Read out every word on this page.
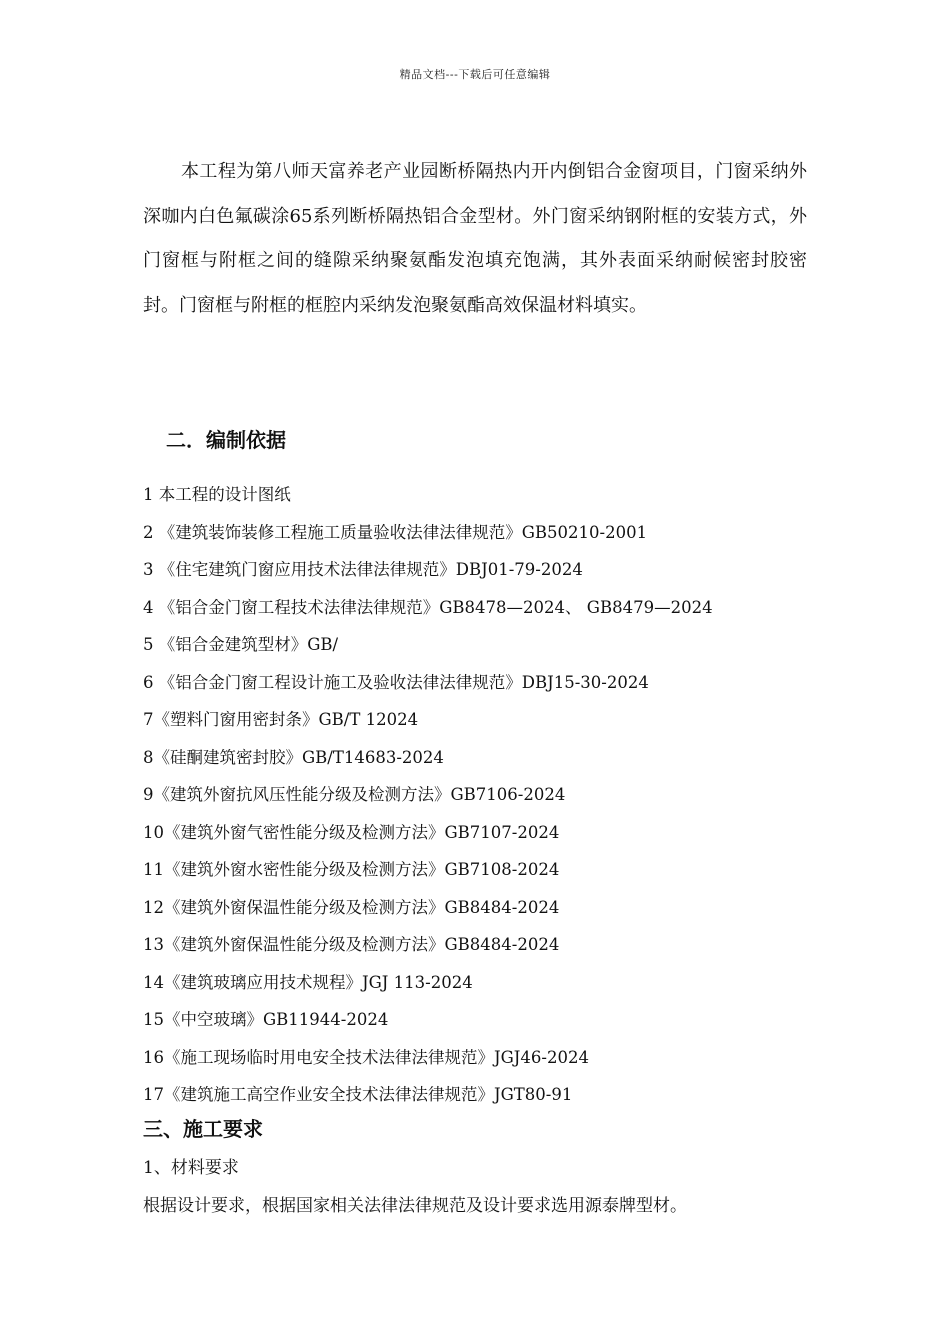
精品文档---下载后可任意编辑

本工程为第八师天富养老产业园断桥隔热内开内倒铝合金窗项目，门窗采纳外深咖内白色氟碳涂65系列断桥隔热铝合金型材。外门窗采纳钢附框的安装方式，外门窗框与附框之间的缝隙采纳聚氨酯发泡填充饱满，其外表面采纳耐候密封胶密封。门窗框与附框的框腔内采纳发泡聚氨酯高效保温材料填实。

二．编制依据
1 本工程的设计图纸
2 《建筑装饰装修工程施工质量验收法律法律规范》GB50210-2001
3 《住宅建筑门窗应用技术法律法律规范》DBJ01-79-2024
4 《铝合金门窗工程技术法律法律规范》GB8478—2024、 GB8479—2024
5 《铝合金建筑型材》GB/
6 《铝合金门窗工程设计施工及验收法律法律规范》DBJ15-30-2024
7《塑料门窗用密封条》GB/T 12024
8《硅酮建筑密封胶》GB/T14683-2024
9《建筑外窗抗风压性能分级及检测方法》GB7106-2024
10《建筑外窗气密性能分级及检测方法》GB7107-2024
11《建筑外窗水密性能分级及检测方法》GB7108-2024
12《建筑外窗保温性能分级及检测方法》GB8484-2024
13《建筑外窗保温性能分级及检测方法》GB8484-2024
14《建筑玻璃应用技术规程》JGJ 113-2024
15《中空玻璃》GB11944-2024
16《施工现场临时用电安全技术法律法律规范》JGJ46-2024
17《建筑施工高空作业安全技术法律法律规范》JGT80-91
三、施工要求

1、材料要求

根据设计要求，根据国家相关法律法律规范及设计要求选用源泰牌型材。
